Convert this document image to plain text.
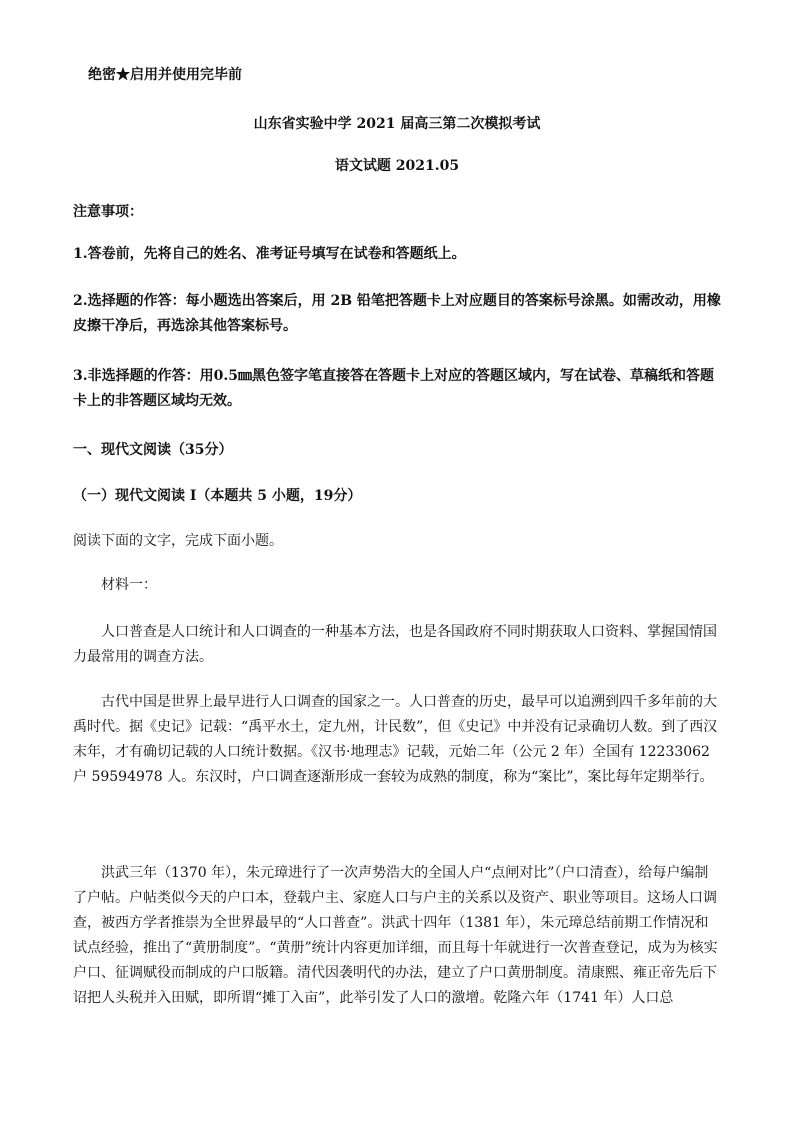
绝密★启用并使用完毕前
山东省实验中学 2021 届高三第二次模拟考试
语文试题 2021.05
注意事项：
1.答卷前，先将自己的姓名、准考证号填写在试卷和答题纸上。
2.选择题的作答：每小题选出答案后，用 2B 铅笔把答题卡上对应题目的答案标号涂黑。如需改动，用橡皮擦干净后，再选涂其他答案标号。
3.非选择题的作答：用0.5㎜黑色签字笔直接答在答题卡上对应的答题区域内，写在试卷、草稿纸和答题卡上的非答题区域均无效。
一、现代文阅读（35分）
（一）现代文阅读 I（本题共 5 小题，19分）
阅读下面的文字，完成下面小题。
材料一：
人口普查是人口统计和人口调查的一种基本方法，也是各国政府不同时期获取人口资料、掌握国情国力最常用的调查方法。
古代中国是世界上最早进行人口调查的国家之一。人口普查的历史，最早可以追溯到四千多年前的大禹时代。据《史记》记载：“禹平水土，定九州，计民数”，但《史记》中并没有记录确切人数。到了西汉末年，才有确切记载的人口统计数据。《汉书·地理志》记载，元始二年（公元 2 年）全国有 12233062 户 59594978 人。东汉时，户口调查逐渐形成一套较为成熟的制度，称为“案比”，案比每年定期举行。
洪武三年（1370 年），朱元璋进行了一次声势浩大的全国人户“点闸对比”（户口清查），给每户编制了户帖。户帖类似今天的户口本，登载户主、家庭人口与户主的关系以及资产、职业等项目。这场人口调查，被西方学者推崇为全世界最早的“人口普查”。洪武十四年（1381 年），朱元璋总结前期工作情况和试点经验，推出了“黄册制度”。“黄册”统计内容更加详细，而且每十年就进行一次普查登记，成为为核实户口、征调赋役而制成的户口版籍。清代因袭明代的办法，建立了户口黄册制度。清康熙、雍正帝先后下诏把人头税并入田赋，即所谓“摊丁入亩”，此举引发了人口的激增。乾隆六年（1741 年）人口总
